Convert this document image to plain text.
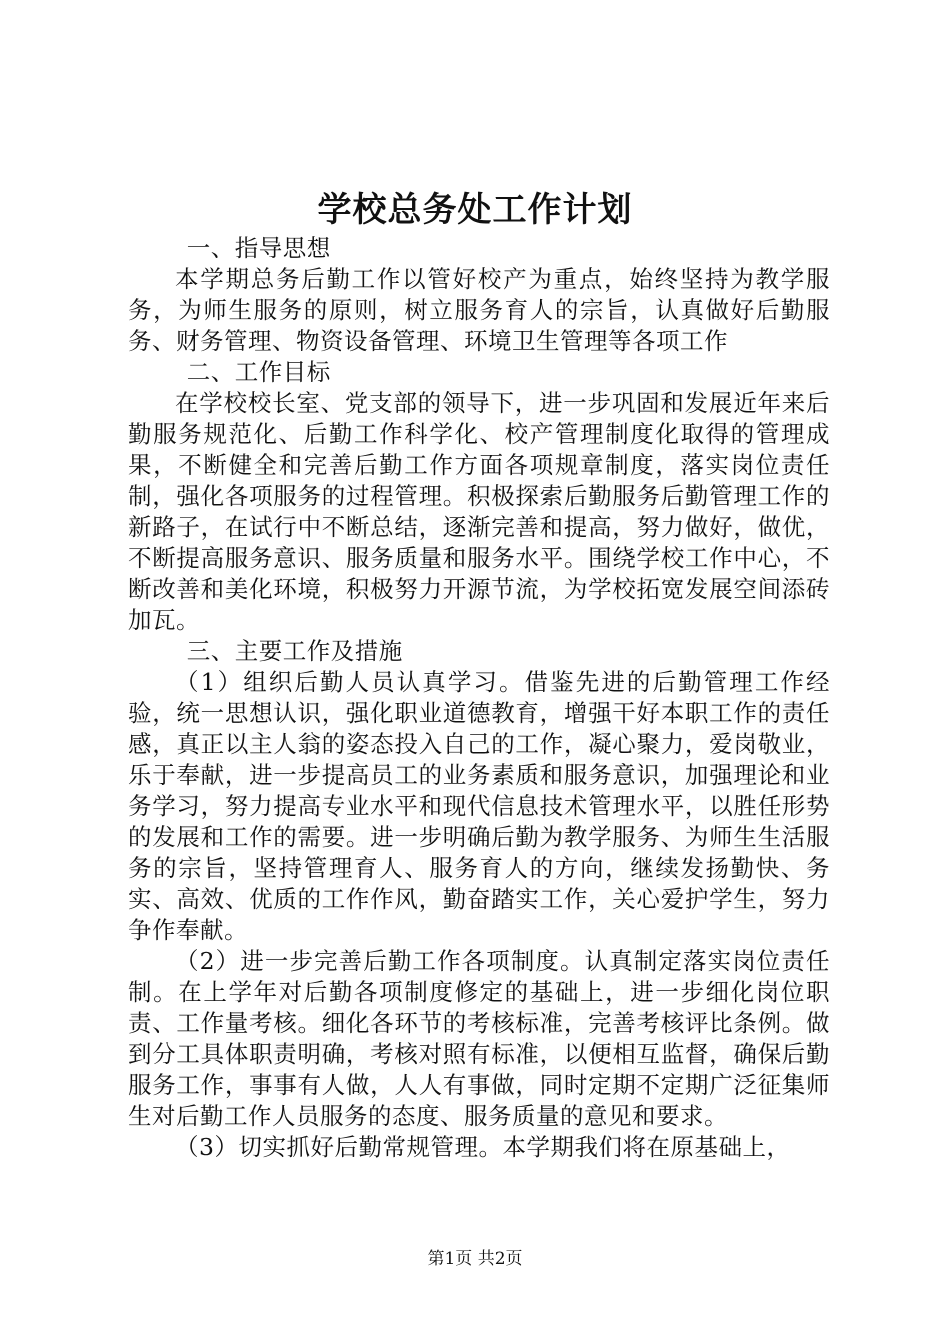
学校总务处工作计划

一、指导思想

本学期总务后勤工作以管好校产为重点，始终坚持为教学服务，为师生服务的原则，树立服务育人的宗旨，认真做好后勤服务、财务管理、物资设备管理、环境卫生管理等各项工作

二、工作目标

在学校校长室、党支部的领导下，进一步巩固和发展近年来后勤服务规范化、后勤工作科学化、校产管理制度化取得的管理成果，不断健全和完善后勤工作方面各项规章制度，落实岗位责任制，强化各项服务的过程管理。积极探索后勤服务后勤管理工作的新路子，在试行中不断总结，逐渐完善和提高，努力做好，做优，不断提高服务意识、服务质量和服务水平。围绕学校工作中心，不断改善和美化环境，积极努力开源节流，为学校拓宽发展空间添砖加瓦。

三、主要工作及措施

（1）组织后勤人员认真学习。借鉴先进的后勤管理工作经验，统一思想认识，强化职业道德教育，增强干好本职工作的责任感，真正以主人翁的姿态投入自己的工作，凝心聚力，爱岗敬业，乐于奉献，进一步提高员工的业务素质和服务意识，加强理论和业务学习，努力提高专业水平和现代信息技术管理水平，以胜任形势的发展和工作的需要。进一步明确后勤为教学服务、为师生生活服务的宗旨，坚持管理育人、服务育人的方向，继续发扬勤快、务实、高效、优质的工作作风，勤奋踏实工作，关心爱护学生，努力争作奉献。

（2）进一步完善后勤工作各项制度。认真制定落实岗位责任制。在上学年对后勤各项制度修定的基础上，进一步细化岗位职责、工作量考核。细化各环节的考核标准，完善考核评比条例。做到分工具体职责明确，考核对照有标准，以便相互监督，确保后勤服务工作，事事有人做，人人有事做，同时定期不定期广泛征集师生对后勤工作人员服务的态度、服务质量的意见和要求。

（3）切实抓好后勤常规管理。本学期我们将在原基础上，

第1页 共2页
